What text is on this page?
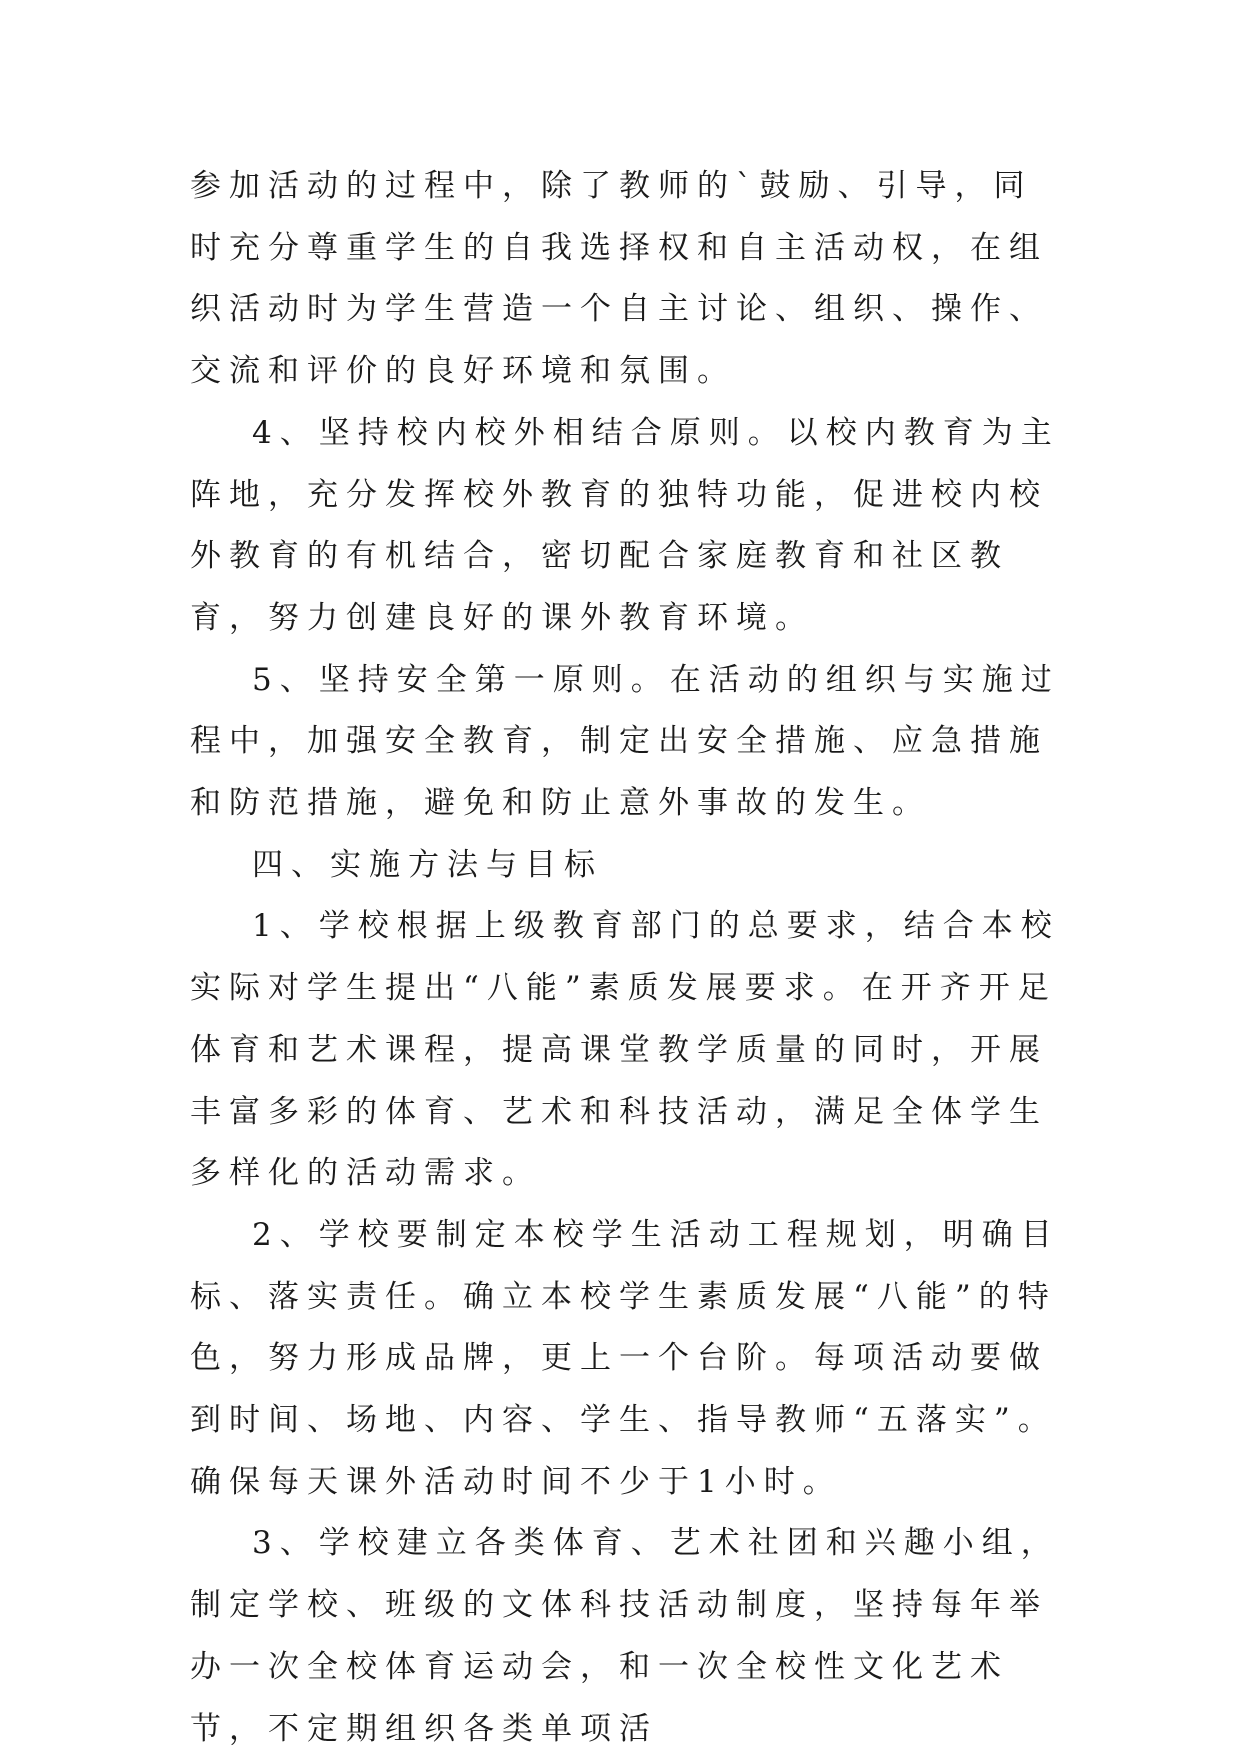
参加活动的过程中，除了教师的`鼓励、引导，同时充分尊重学生的自我选择权和自主活动权，在组织活动时为学生营造一个自主讨论、组织、操作、交流和评价的良好环境和氛围。

4、坚持校内校外相结合原则。以校内教育为主阵地，充分发挥校外教育的独特功能，促进校内校外教育的有机结合，密切配合家庭教育和社区教育，努力创建良好的课外教育环境。

5、坚持安全第一原则。在活动的组织与实施过程中，加强安全教育，制定出安全措施、应急措施和防范措施，避免和防止意外事故的发生。

四、实施方法与目标

1、学校根据上级教育部门的总要求，结合本校实际对学生提出“八能”素质发展要求。在开齐开足体育和艺术课程，提高课堂教学质量的同时，开展丰富多彩的体育、艺术和科技活动，满足全体学生多样化的活动需求。

2、学校要制定本校学生活动工程规划，明确目标、落实责任。确立本校学生素质发展“八能”的特色，努力形成品牌，更上一个台阶。每项活动要做到时间、场地、内容、学生、指导教师“五落实”。确保每天课外活动时间不少于1小时。

3、学校建立各类体育、艺术社团和兴趣小组，制定学校、班级的文体科技活动制度，坚持每年举办一次全校体育运动会，和一次全校性文化艺术节，不定期组织各类单项活
